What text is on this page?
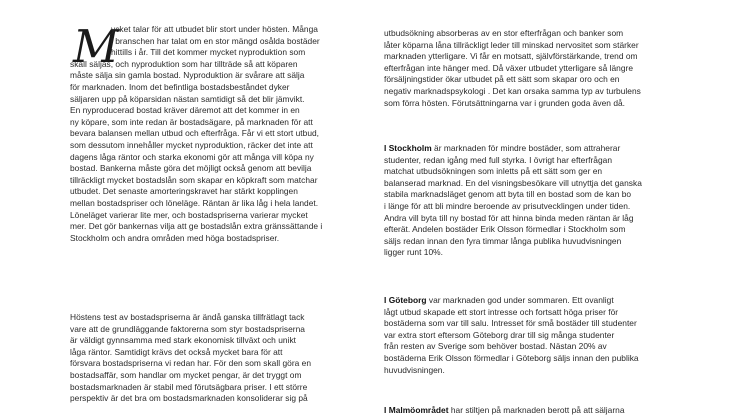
M

ycket talar för att utbudet blir stort under hösten. Många
i branschen har talat om en stor mängd osålda bostäder
hittills i år. Till det kommer mycket nyproduktion som
skall säljas, och nyproduktion som har tillträde så att köparen
måste sälja sin gamla bostad. Nyproduktion är svårare att sälja
för marknaden. Inom det befintliga bostadsbeståndet dyker
säljaren upp på köparsidan nästan samtidigt så det blir jämvikt.
En nyproducerad bostad kräver däremot att det kommer in en
ny köpare, som inte redan är bostadsägare, på marknaden för att
bevara balansen mellan utbud och efterfråga. Får vi ett stort utbud,
som dessutom innehåller mycket nyproduktion, räcker det inte att
dagens låga räntor och starka ekonomi gör att många vill köpa ny
bostad. Bankerna måste göra det möjligt också genom att bevilja
tillräckligt mycket bostadslån som skapar en köpkraft som matchar
utbudet. Det senaste amorteringskravet har stärkt kopplingen
mellan bostadspriser och löneläge. Räntan är lika låg i hela landet.
Löneläget varierar lite mer, och bostadspriserna varierar mycket
mer. Det gör bankernas vilja att ge bostadslån extra gränssättande i
Stockholm och andra områden med höga bostadspriser.

Höstens test av bostadspriserna är ändå ganska tillfrätlagt tack
vare att de grundläggande faktorerna som styr bostadspriserna
är väldigt gynnsamma med stark ekonomisk tillväxt och unikt
låga räntor. Samtidigt krävs det också mycket bara för att
försvara bostadspriserna vi redan har. För den som skall göra en
bostadsaffär, som handlar om mycket pengar, är det tryggt om
bostadsmarknaden är stabil med förutsägbara priser. I ett större
perspektiv är det bra om bostadsmarknaden konsoliderar sig på

utbudsökning absorberas av en stor efterfrågan och banker som
låter köparna låna tillräckligt leder till minskad nervositet som stärker
marknaden ytterligare. Vi får en motsatt, självförstärkande, trend om
efterfrågan inte hänger med. Då växer utbudet ytterligare så längre
försäljningstider ökar utbudet på ett sätt som skapar oro och en
negativ marknadspsykologi . Det kan orsaka samma typ av turbulens
som förra hösten. Förutsättningarna var i grunden goda även då.

I Stockholm är marknaden för mindre bostäder, som attraherar
studenter, redan igång med full styrka. I övrigt har efterfrågan
matchat utbudsökningen som inletts på ett sätt som ger en
balanserad marknad. En del visningsbesökare vill utnyttja det ganska
stabila marknadsläget genom att byta till en bostad som de kan bo
i länge för att bli mindre beroende av prisutvecklingen under tiden.
Andra vill byta till ny bostad för att hinna binda meden räntan är låg
efterät. Andelen bostäder Erik Olsson förmedlar i Stockholm som
säljs redan innan den fyra timmar långa publika huvudvisningen
ligger runt 10%.

I Göteborg var marknaden god under sommaren. Ett ovanligt
lågt utbud skapade ett stort intresse och fortsatt höga priser för
bostäderna som var till salu. Intresset för små bostäder till studenter
var extra stort eftersom Göteborg drar till sig många studenter
från resten av Sverige som behöver bostad. Nästan 20% av
bostäderna Erik Olsson förmedlar i Göteborg säljs innan den publika
huvudvisningen.

I Malmöområdet har stiltjen på marknaden berott på att säljarna
